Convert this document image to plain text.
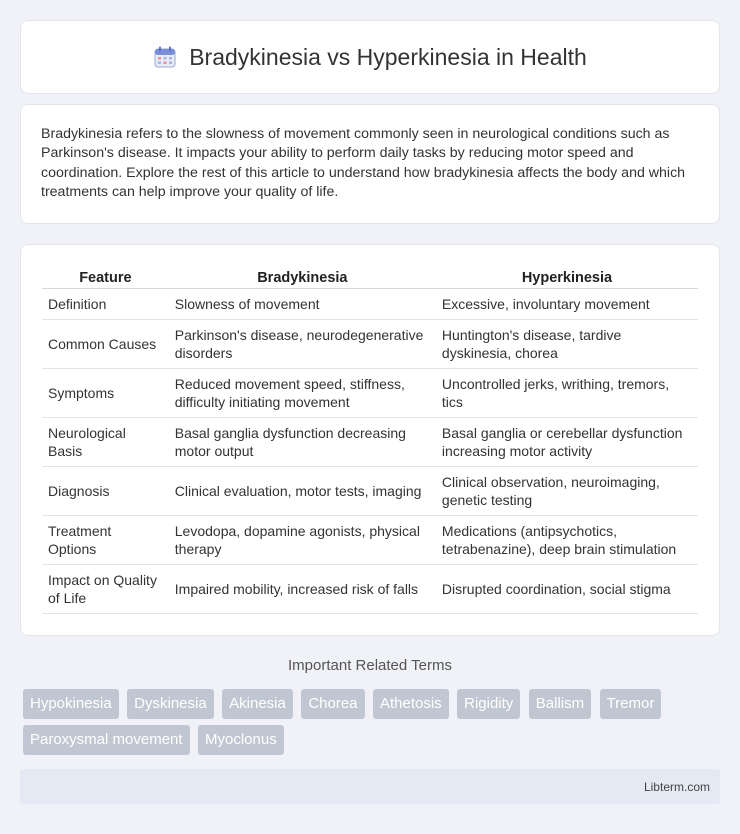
Bradykinesia vs Hyperkinesia in Health

Bradykinesia refers to the slowness of movement commonly seen in neurological conditions such as Parkinson's disease. It impacts your ability to perform daily tasks by reducing motor speed and coordination. Explore the rest of this article to understand how bradykinesia affects the body and which treatments can help improve your quality of life.

Feature	Bradykinesia	Hyperkinesia
Definition	Slowness of movement	Excessive, involuntary movement
Common Causes	Parkinson's disease, neurodegenerative disorders	Huntington's disease, tardive dyskinesia, chorea
Symptoms	Reduced movement speed, stiffness, difficulty initiating movement	Uncontrolled jerks, writhing, tremors, tics
Neurological Basis	Basal ganglia dysfunction decreasing motor output	Basal ganglia or cerebellar dysfunction increasing motor activity
Diagnosis	Clinical evaluation, motor tests, imaging	Clinical observation, neuroimaging, genetic testing
Treatment Options	Levodopa, dopamine agonists, physical therapy	Medications (antipsychotics, tetrabenazine), deep brain stimulation
Impact on Quality of Life	Impaired mobility, increased risk of falls	Disrupted coordination, social stigma
Important Related Terms
Hypokinesia Dyskinesia Akinesia Chorea Athetosis Rigidity Ballism Tremor Paroxysmal movement Myoclonus
Libterm.com
